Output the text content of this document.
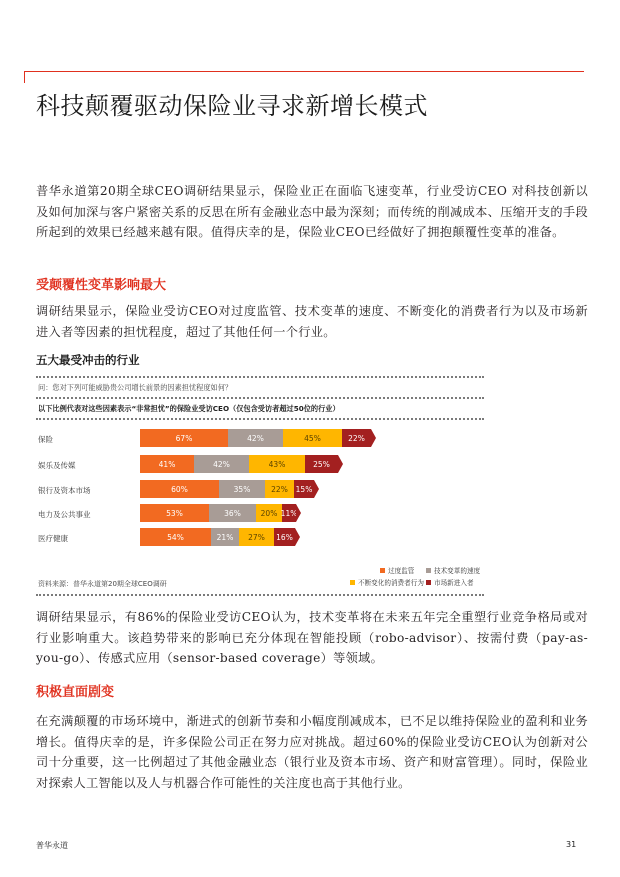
科技颠覆驱动保险业寻求新增长模式
普华永道第20期全球CEO调研结果显示，保险业正在面临飞速变革，行业受访CEO 对科技创新以及如何加深与客户紧密关系的反思在所有金融业态中最为深刻；而传统的削减成本、压缩开支的手段所起到的效果已经越来越有限。值得庆幸的是，保险业CEO已经做好了拥抱颠覆性变革的准备。
受颠覆性变革影响最大
调研结果显示，保险业受访CEO对过度监管、技术变革的速度、不断变化的消费者行为以及市场新进入者等因素的担忧程度，超过了其他任何一个行业。
五大最受冲击的行业
问：您对下列可能威胁贵公司增长前景的因素担忧程度如何？
以下比例代表对这些因素表示“非常担忧”的保险业受访CEO（仅包含受访者超过50位的行业）
保险	67%	42%	45%	22%
娱乐及传媒	41%	42%	43%	25%
银行及资本市场	60%	35%	22% 15%
电力及公共事业	53%	36%	20% 11%
医疗健康	54%	21% 27% 16%
过度监管	技术变革的速度
不断变化的消费者行为 市场新进入者
资料来源：普华永道第20期全球CEO调研
调研结果显示，有86%的保险业受访CEO认为，技术变革将在未来五年完全重塑行业竞争格局或对行业影响重大。该趋势带来的影响已充分体现在智能投顾（robo-advisor）、按需付费（pay-as-you-go）、传感式应用（sensor-based coverage）等领域。
积极直面剧变
在充满颠覆的市场环境中，渐进式的创新节奏和小幅度削减成本，已不足以维持保险业的盈利和业务增长。值得庆幸的是，许多保险公司正在努力应对挑战。超过60%的保险业受访CEO认为创新对公司十分重要，这一比例超过了其他金融业态（银行业及资本市场、资产和财富管理）。同时，保险业对探索人工智能以及人与机器合作可能性的关注度也高于其他行业。
普华永道	31
